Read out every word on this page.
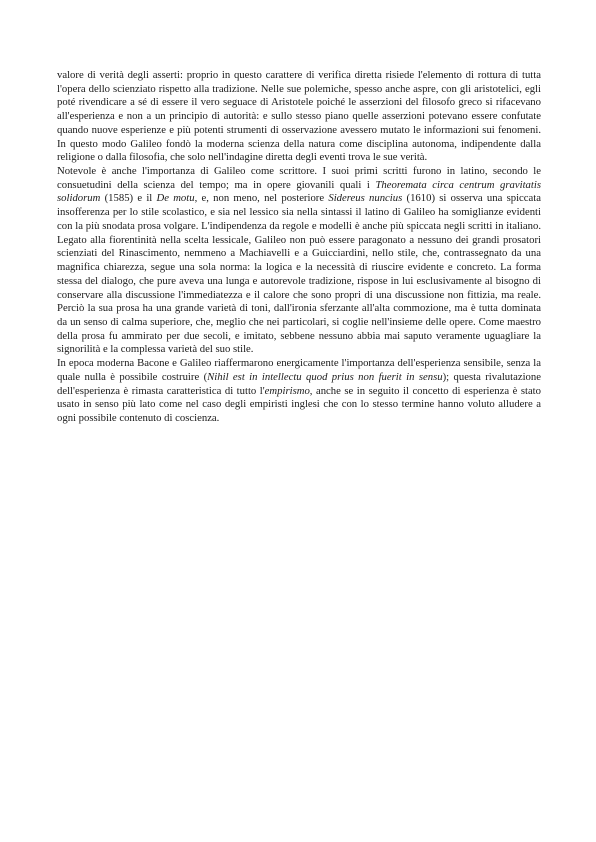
valore di verità degli asserti: proprio in questo carattere di verifica diretta risiede l'elemento di rottura di tutta l'opera dello scienziato rispetto alla tradizione. Nelle sue polemiche, spesso anche aspre, con gli aristotelici, egli poté rivendicare a sé di essere il vero seguace di Aristotele poiché le asserzioni del filosofo greco si rifacevano all'esperienza e non a un principio di autorità: e sullo stesso piano quelle asserzioni potevano essere confutate quando nuove esperienze e più potenti strumenti di osservazione avessero mutato le informazioni sui fenomeni. In questo modo Galileo fondò la moderna scienza della natura come disciplina autonoma, indipendente dalla religione o dalla filosofia, che solo nell'indagine diretta degli eventi trova le sue verità.

Notevole è anche l'importanza di Galileo come scrittore. I suoi primi scritti furono in latino, secondo le consuetudini della scienza del tempo; ma in opere giovanili quali i Theoremata circa centrum gravitatis solidorum (1585) e il De motu, e, non meno, nel posteriore Sidereus nuncius (1610) si osserva una spiccata insofferenza per lo stile scolastico, e sia nel lessico sia nella sintassi il latino di Galileo ha somiglianze evidenti con la più snodata prosa volgare. L'indipendenza da regole e modelli è anche più spiccata negli scritti in italiano. Legato alla fiorentinità nella scelta lessicale, Galileo non può essere paragonato a nessuno dei grandi prosatori scienziati del Rinascimento, nemmeno a Machiavelli e a Guicciardini, nello stile, che, contrassegnato da una magnifica chiarezza, segue una sola norma: la logica e la necessità di riuscire evidente e concreto. La forma stessa del dialogo, che pure aveva una lunga e autorevole tradizione, rispose in lui esclusivamente al bisogno di conservare alla discussione l'immediatezza e il calore che sono propri di una discussione non fittizia, ma reale. Perciò la sua prosa ha una grande varietà di toni, dall'ironia sferzante all'alta commozione, ma è tutta dominata da un senso di calma superiore, che, meglio che nei particolari, si coglie nell'insieme delle opere. Come maestro della prosa fu ammirato per due secoli, e imitato, sebbene nessuno abbia mai saputo veramente uguagliare la signorilità e la complessa varietà del suo stile.

In epoca moderna Bacone e Galileo riaffermarono energicamente l'importanza dell'esperienza sensibile, senza la quale nulla è possibile costruire (Nihil est in intellectu quod prius non fuerit in sensu); questa rivalutazione dell'esperienza è rimasta caratteristica di tutto l'empirismo, anche se in seguito il concetto di esperienza è stato usato in senso più lato come nel caso degli empiristi inglesi che con lo stesso termine hanno voluto alludere a ogni possibile contenuto di coscienza.
